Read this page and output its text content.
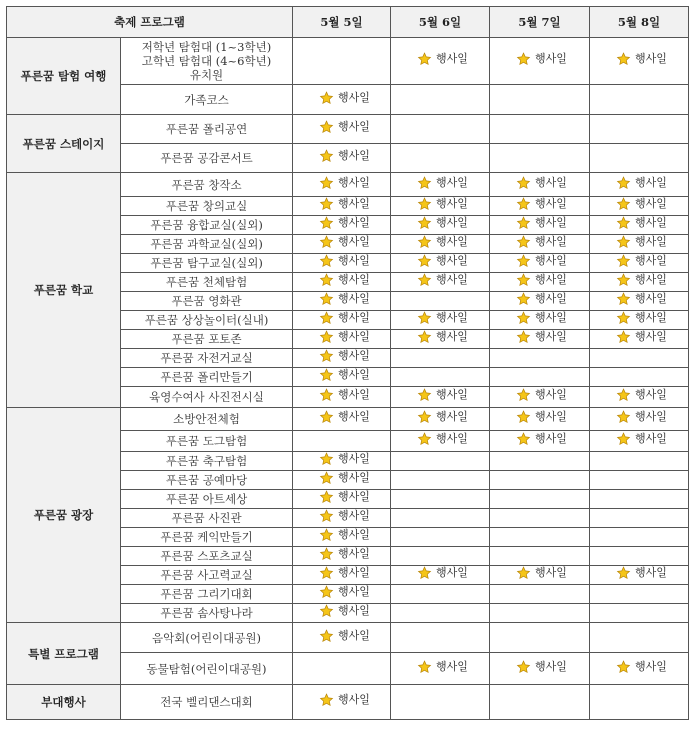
축제 프로그램		5월 5일	5월 6일	5월 7일	5월 8일
푸른꿈 탐험 여행	저학년 탐험대 (1~3학년)
고학년 탐험대 (4~6학년)
유치원		행사일	행사일	행사일

	가족코스	행사일			

푸른꿈 스테이지	푸른꿈 폴리공연	행사일			

	푸른꿈 공감콘서트	행사일			

푸른꿈 학교	푸른꿈 창작소	행사일	행사일	행사일	행사일

	푸른꿈 창의교실	행사일	행사일	행사일	행사일

	푸른꿈 융합교실(실외)	행사일	행사일	행사일	행사일

	푸른꿈 과학교실(실외)	행사일	행사일	행사일	행사일

	푸른꿈 탐구교실(실외)	행사일	행사일	행사일	행사일

	푸른꿈 천체탐험	행사일	행사일	행사일	행사일

	푸른꿈 영화관	행사일		행사일	행사일

	푸른꿈 상상놀이터(실내)	행사일	행사일	행사일	행사일

	푸른꿈 포토존	행사일	행사일	행사일	행사일

	푸른꿈 자전거교실	행사일			

	푸른꿈 폴리만들기	행사일			

	육영수여사 사진전시실	행사일	행사일	행사일	행사일

푸른꿈 광장	소방안전체험	행사일	행사일	행사일	행사일

	푸른꿈 도그탐험		행사일	행사일	행사일

	푸른꿈 축구탐험	행사일			

	푸른꿈 공예마당	행사일			

	푸른꿈 아트세상	행사일			

	푸른꿈 사진관	행사일			

	푸른꿈 케익만들기	행사일			

	푸른꿈 스포츠교실	행사일			

	푸른꿈 사고력교실	행사일	행사일	행사일	행사일

	푸른꿈 그리기대회	행사일			

	푸른꿈 솜사탕나라	행사일			

특별 프로그램	음악회(어린이대공원)	행사일			

	동물탐험(어린이대공원)		행사일	행사일	행사일

부대행사	전국 벨리댄스대회	행사일			
